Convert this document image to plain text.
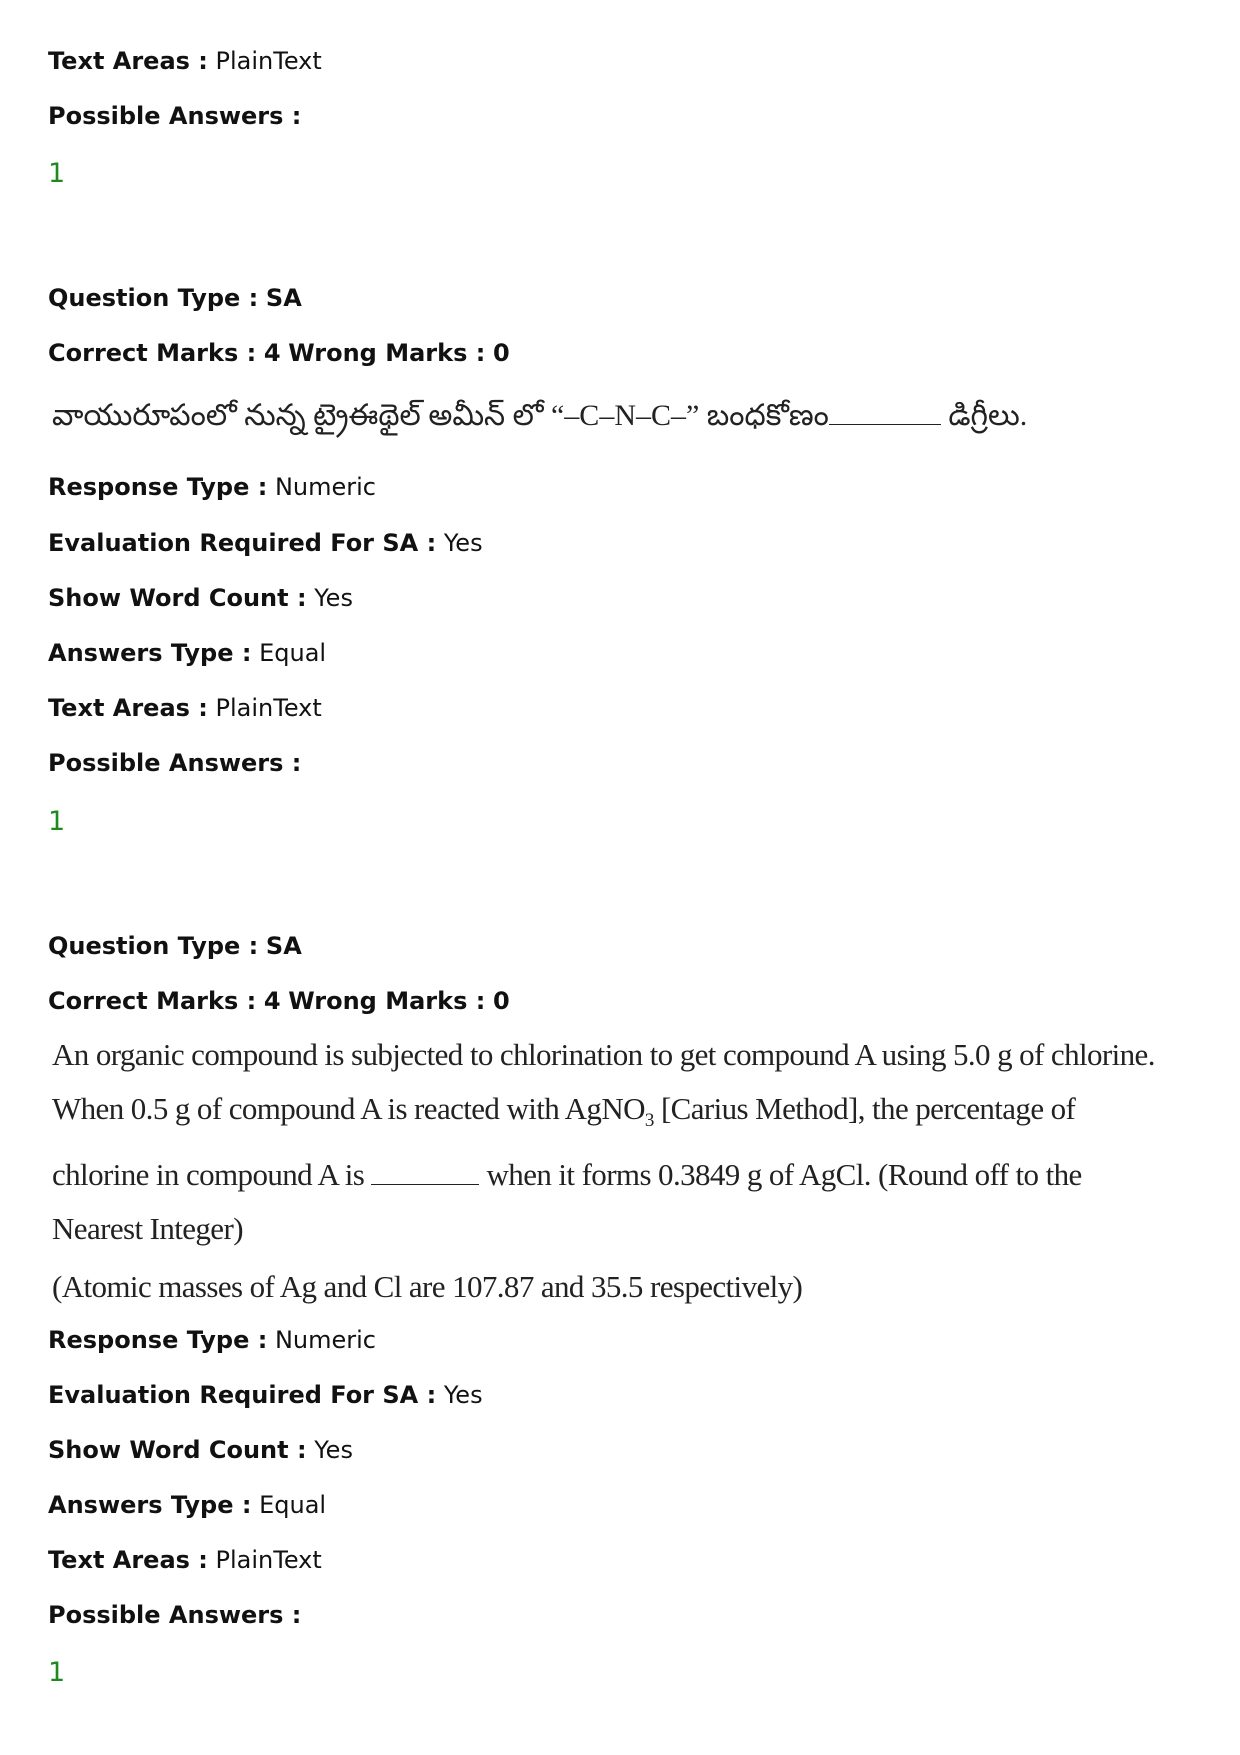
Text Areas : PlainText
Possible Answers :
1
Question Type : SA
Correct Marks : 4 Wrong Marks : 0
వాయురూపంలో నున్న ట్రైఈథైల్ అమీన్ లో “–C–N–C–” బంధకోణం	డిగ్రీలు.
Response Type : Numeric
Evaluation Required For SA : Yes
Show Word Count : Yes
Answers Type : Equal
Text Areas : PlainText
Possible Answers :
1
Question Type : SA
Correct Marks : 4 Wrong Marks : 0
An organic compound is subjected to chlorination to get compound A using 5.0 g of chlorine.
When 0.5 g of compound A is reacted with AgNO$_3$ [Carius Method], the percentage of
chlorine in compound A is	when it forms 0.3849 g of AgCl. (Round off to the
Nearest Integer)
(Atomic masses of Ag and Cl are 107.87 and 35.5 respectively)
Response Type : Numeric
Evaluation Required For SA : Yes
Show Word Count : Yes
Answers Type : Equal
Text Areas : PlainText
Possible Answers :
1
